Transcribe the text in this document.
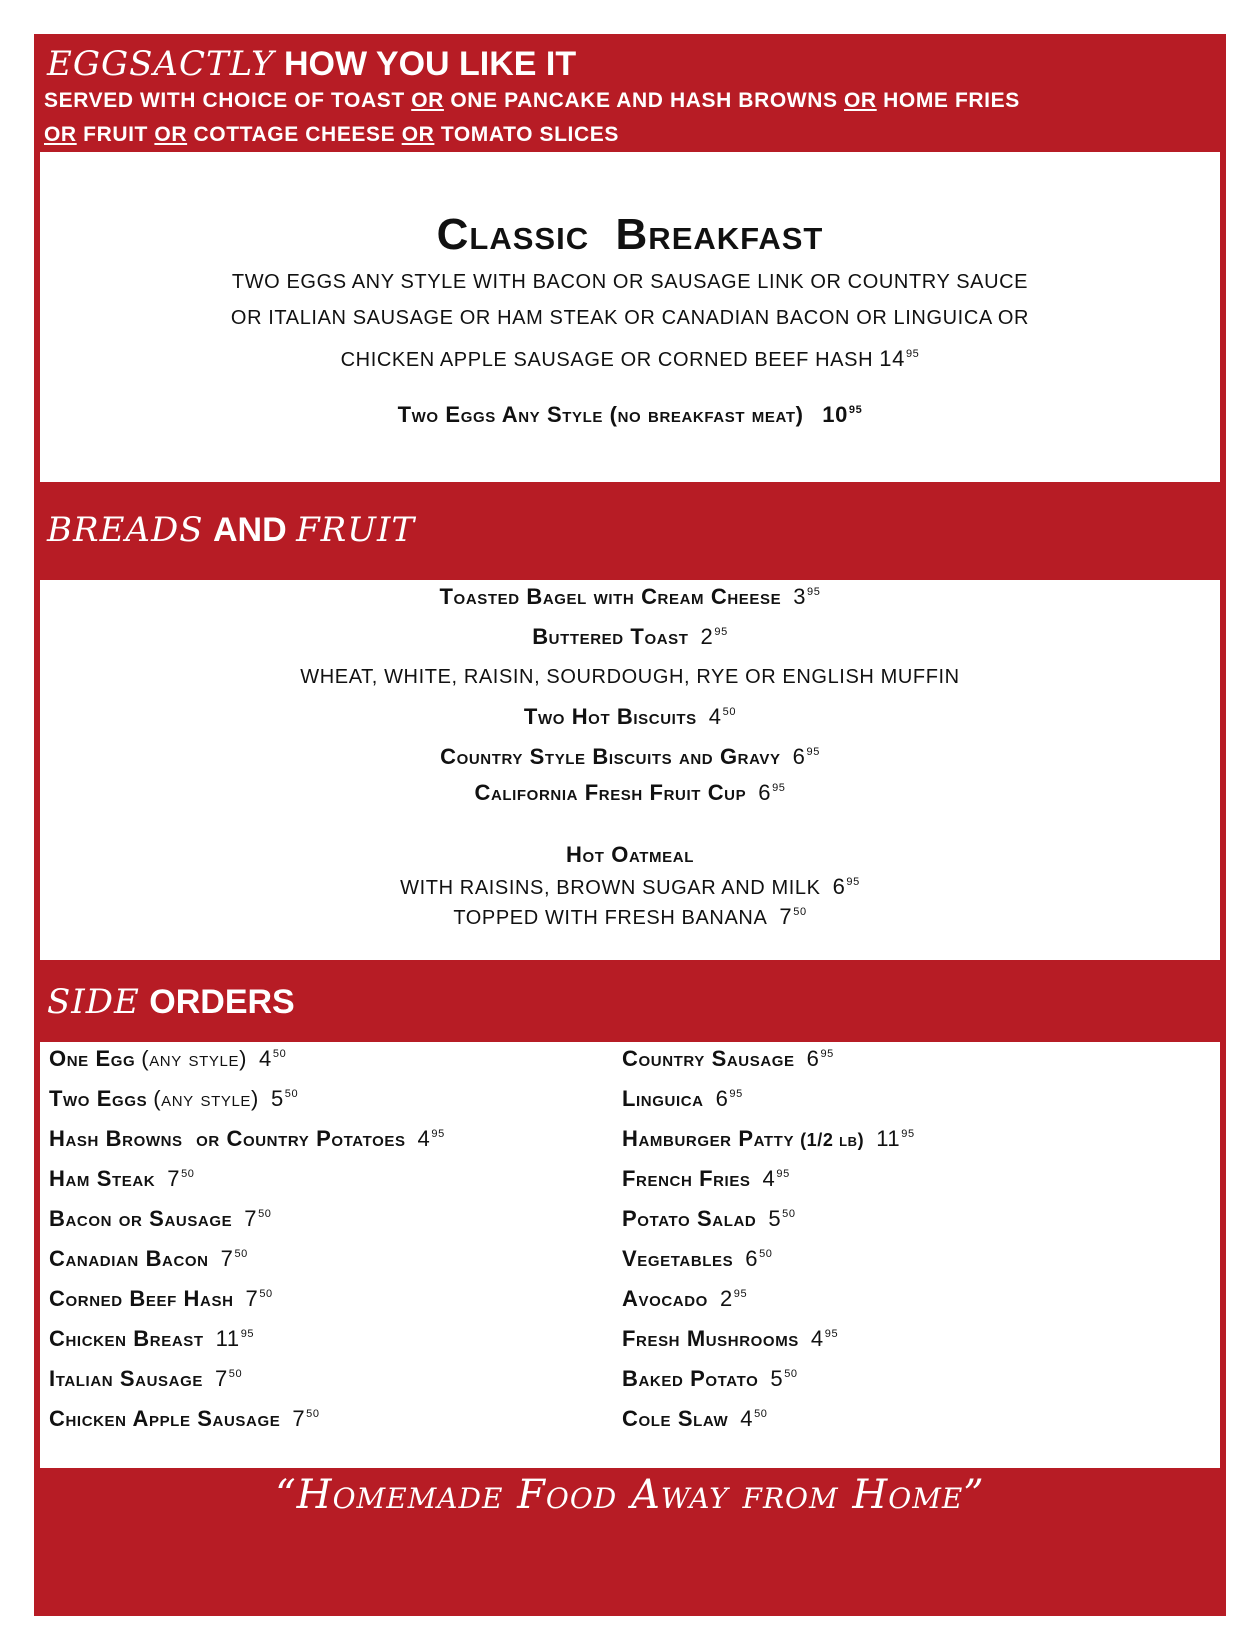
EGGSACTLY HOW YOU LIKE IT
SERVED WITH CHOICE OF TOAST OR ONE PANCAKE AND HASH BROWNS OR HOME FRIES
OR FRUIT OR COTTAGE CHEESE OR TOMATO SLICES
Classic  Breakfast
TWO EGGS ANY STYLE WITH BACON OR SAUSAGE LINK OR COUNTRY SAUCE
OR ITALIAN SAUSAGE OR HAM STEAK OR CANADIAN BACON OR LINGUICA OR
CHICKEN APPLE SAUSAGE OR CORNED BEEF HASH $14^{95}$
Two Eggs Any Style (no breakfast meat) $10^{95}$
BREADS AND FRUIT
Toasted Bagel with Cream Cheese $3^{95}$
Buttered Toast $2^{95}$
WHEAT, WHITE, RAISIN, SOURDOUGH, RYE OR ENGLISH MUFFIN
Two Hot Biscuits $4^{50}$
Country Style Biscuits and Gravy $6^{95}$
California Fresh Fruit Cup $6^{95}$
Hot Oatmeal
WITH RAISINS, BROWN SUGAR AND MILK $6^{95}$
TOPPED WITH FRESH BANANA $7^{50}$
SIDE ORDERS
One Egg (any style) $4^{50}$
Two Eggs (any style) $5^{50}$
Hash Browns  or Country Potatoes $4^{95}$
Ham Steak $7^{50}$
Bacon or Sausage $7^{50}$
Canadian Bacon $7^{50}$
Corned Beef Hash $7^{50}$
Chicken Breast $11^{95}$
Italian Sausage $7^{50}$
Chicken Apple Sausage $7^{50}$
Country Sausage $6^{95}$
Linguica $6^{95}$
Hamburger Patty (1/2 lb) $11^{95}$
French Fries $4^{95}$
Potato Salad $5^{50}$
Vegetables $6^{50}$
Avocado $2^{95}$
Fresh Mushrooms $4^{95}$
Baked Potato $5^{50}$
Cole Slaw $4^{50}$
“Homemade Food Away from Home”
